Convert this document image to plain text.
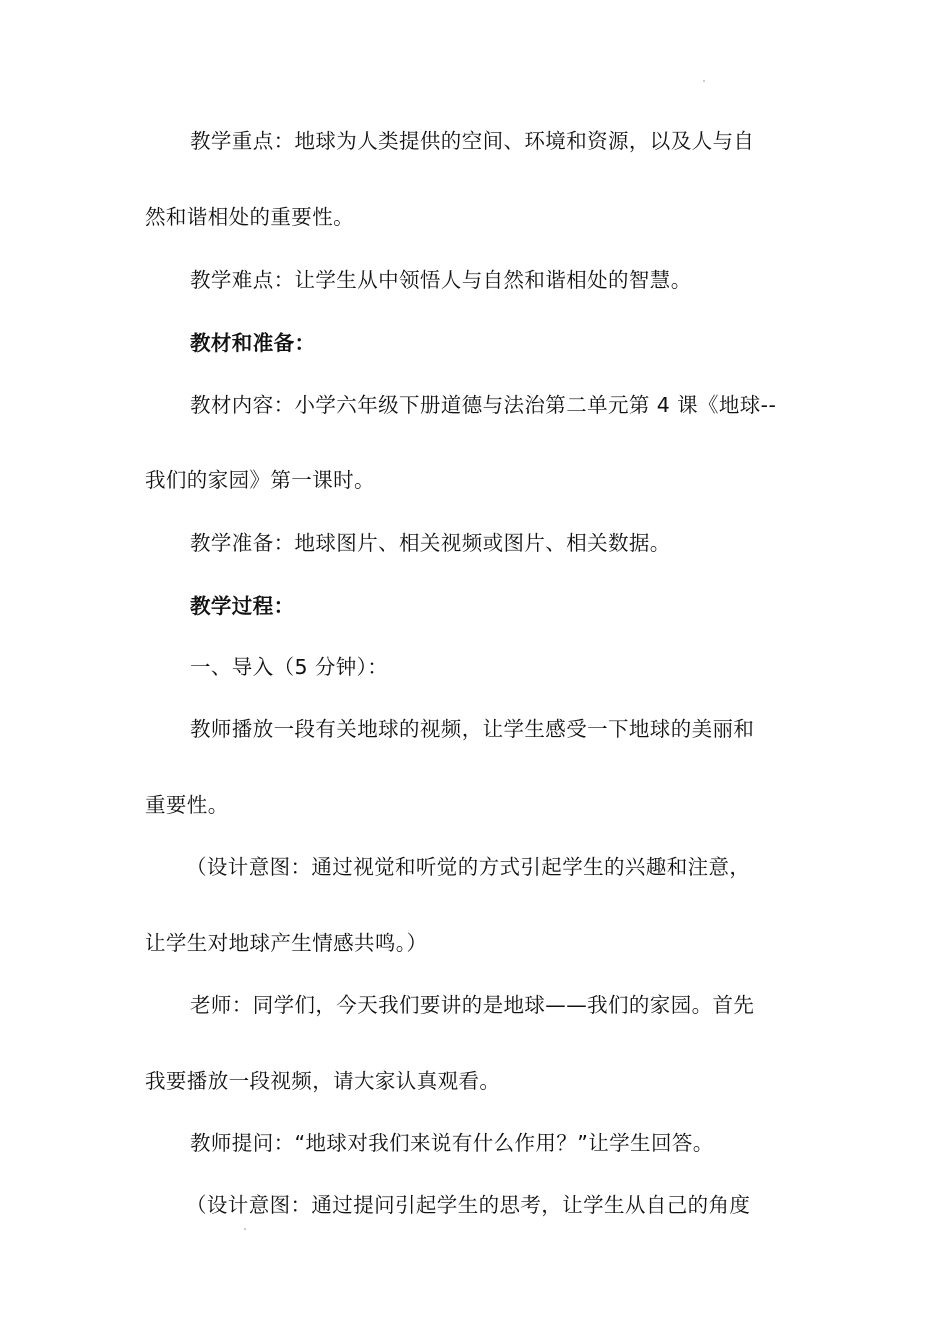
教学重点：地球为人类提供的空间、环境和资源，以及人与自
然和谐相处的重要性。
教学难点：让学生从中领悟人与自然和谐相处的智慧。
教材和准备：
教材内容：小学六年级下册道德与法治第二单元第 4 课《地球--
我们的家园》第一课时。
教学准备：地球图片、相关视频或图片、相关数据。
教学过程：
一、导入（5 分钟）：
教师播放一段有关地球的视频，让学生感受一下地球的美丽和
重要性。
（设计意图：通过视觉和听觉的方式引起学生的兴趣和注意，
让学生对地球产生情感共鸣。）
老师：同学们，今天我们要讲的是地球——我们的家园。首先
我要播放一段视频，请大家认真观看。
教师提问：“地球对我们来说有什么作用？”让学生回答。
（设计意图：通过提问引起学生的思考，让学生从自己的角度
